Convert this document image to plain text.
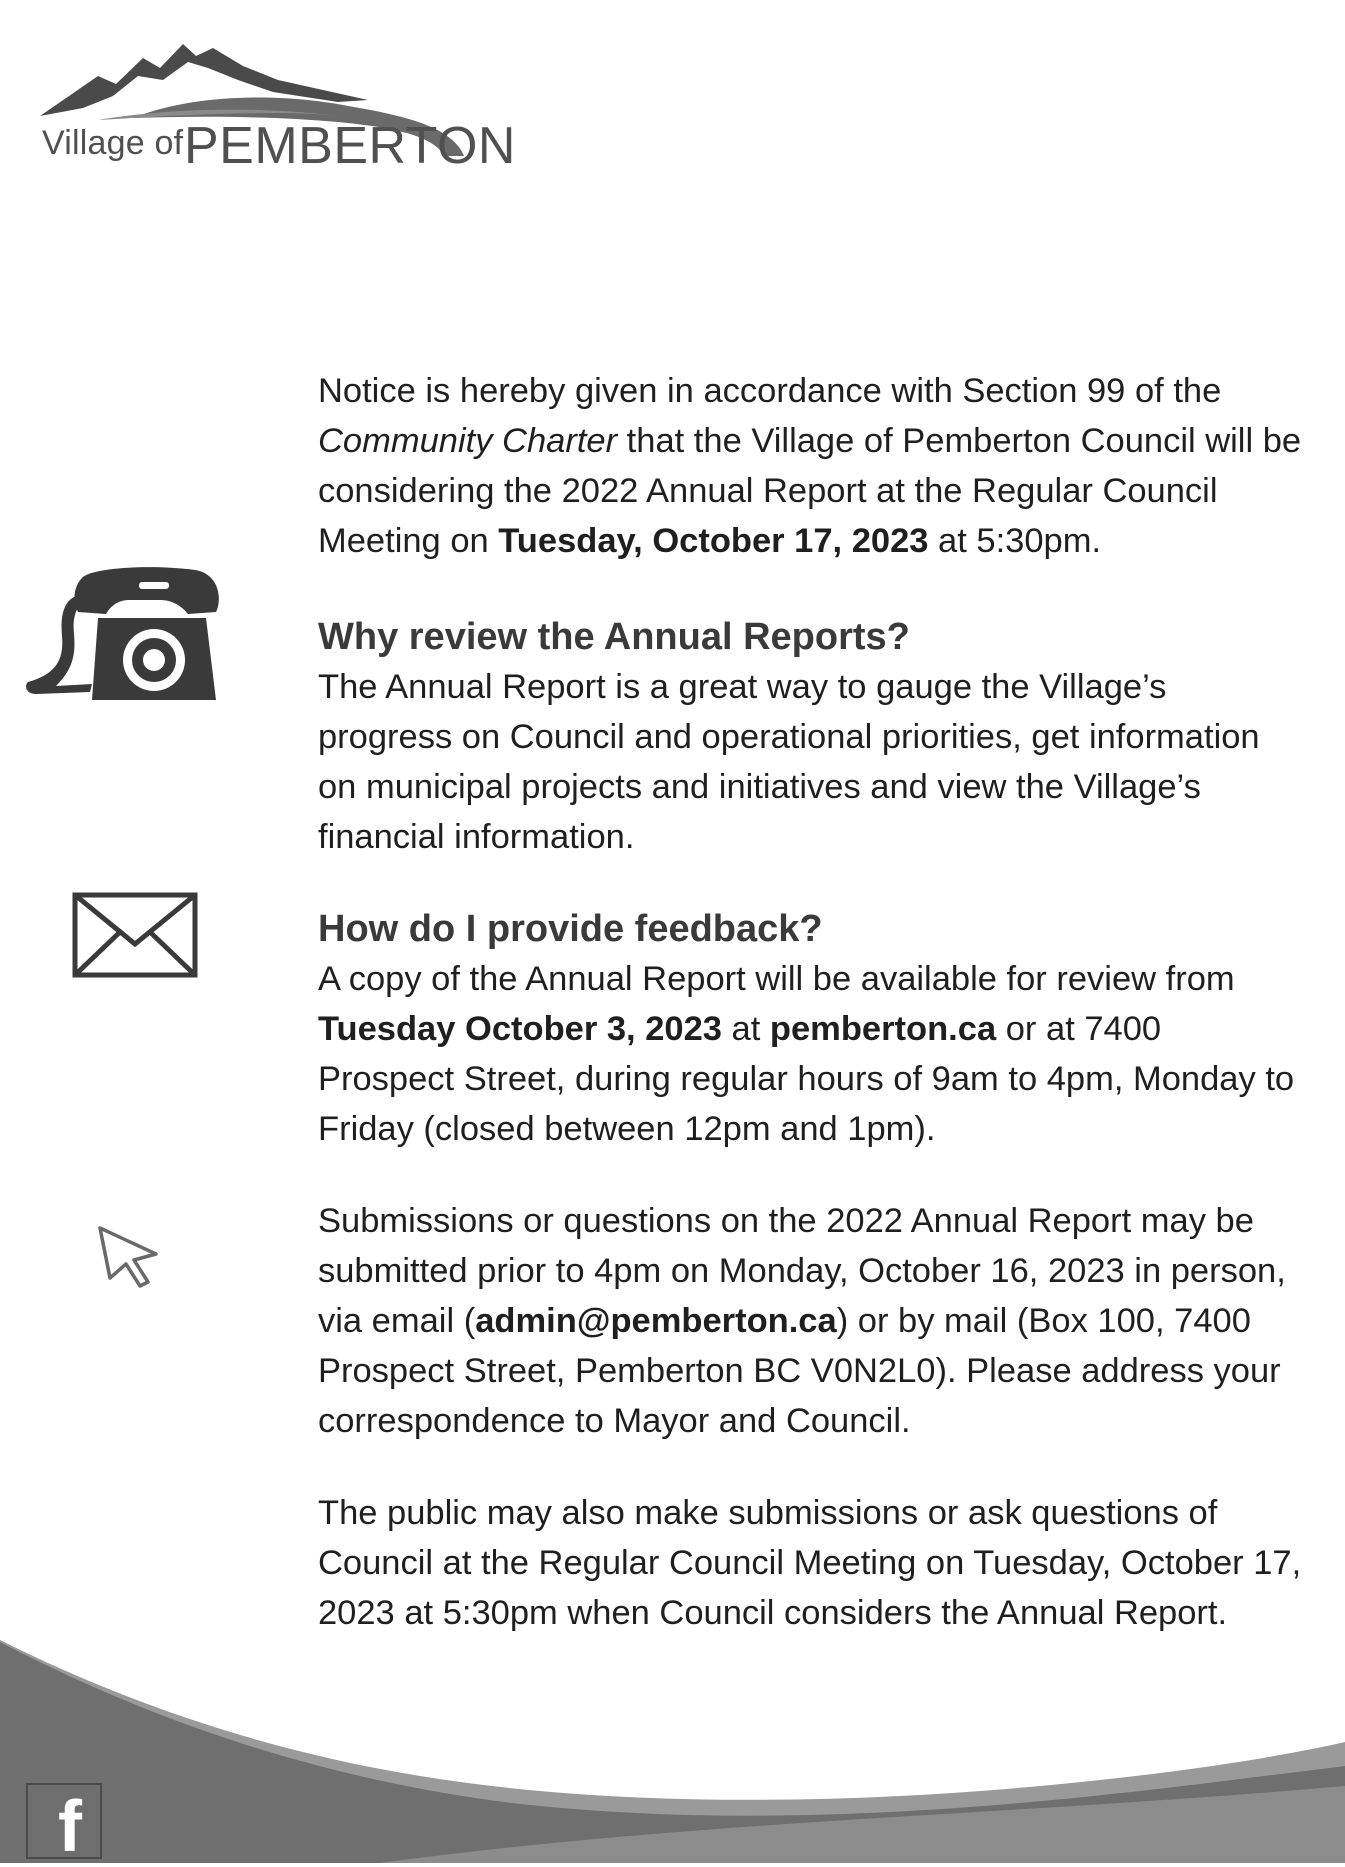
Village of PEMBERTON

Notice is hereby given in accordance with Section 99 of the Community Charter that the Village of Pemberton Council will be considering the 2022 Annual Report at the Regular Council Meeting on Tuesday, October 17, 2023 at 5:30pm.

Why review the Annual Reports?

The Annual Report is a great way to gauge the Village’s progress on Council and operational priorities, get information on municipal projects and initiatives and view the Village’s financial information.

How do I provide feedback?

A copy of the Annual Report will be available for review from Tuesday October 3, 2023 at pemberton.ca or at 7400 Prospect Street, during regular hours of 9am to 4pm, Monday to Friday (closed between 12pm and 1pm).

Submissions or questions on the 2022 Annual Report may be submitted prior to 4pm on Monday, October 16, 2023 in person, via email (admin@pemberton.ca) or by mail (Box 100, 7400 Prospect Street, Pemberton BC V0N2L0). Please address your correspondence to Mayor and Council.

The public may also make submissions or ask questions of Council at the Regular Council Meeting on Tuesday, October 17, 2023 at 5:30pm when Council considers the Annual Report.

f
